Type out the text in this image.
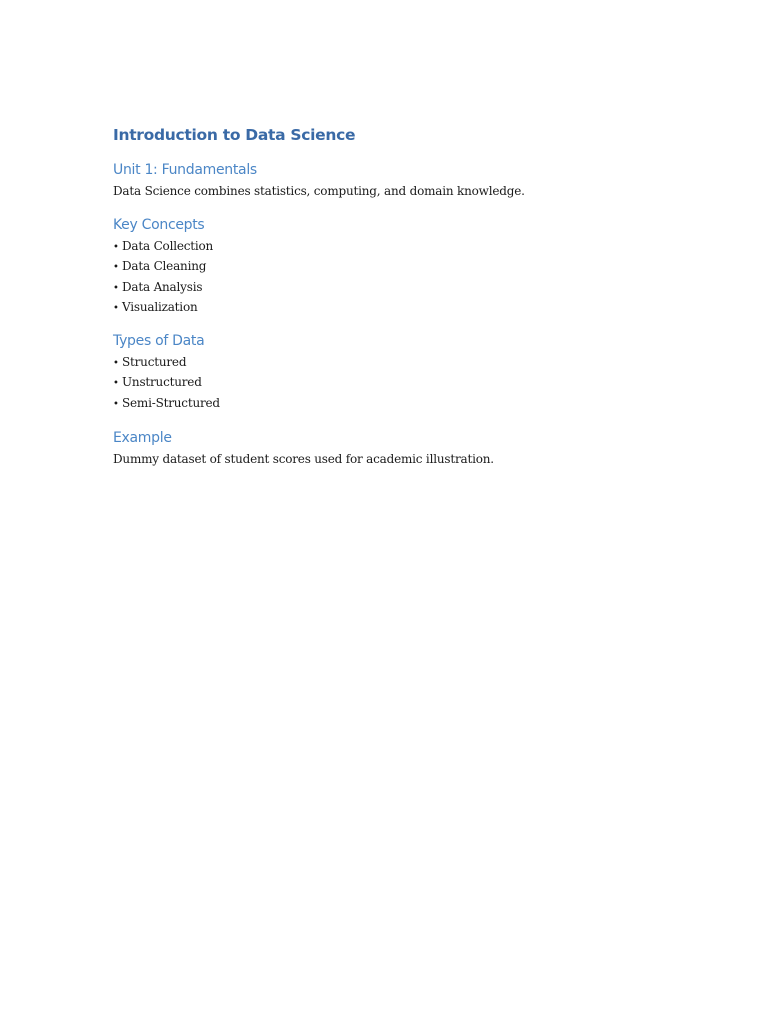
Introduction to Data Science
Unit 1: Fundamentals

Data Science combines statistics, computing, and domain knowledge.

Key Concepts
• Data Collection
• Data Cleaning
• Data Analysis
• Visualization
Types of Data
• Structured
• Unstructured
• Semi-Structured
Example

Dummy dataset of student scores used for academic illustration.
